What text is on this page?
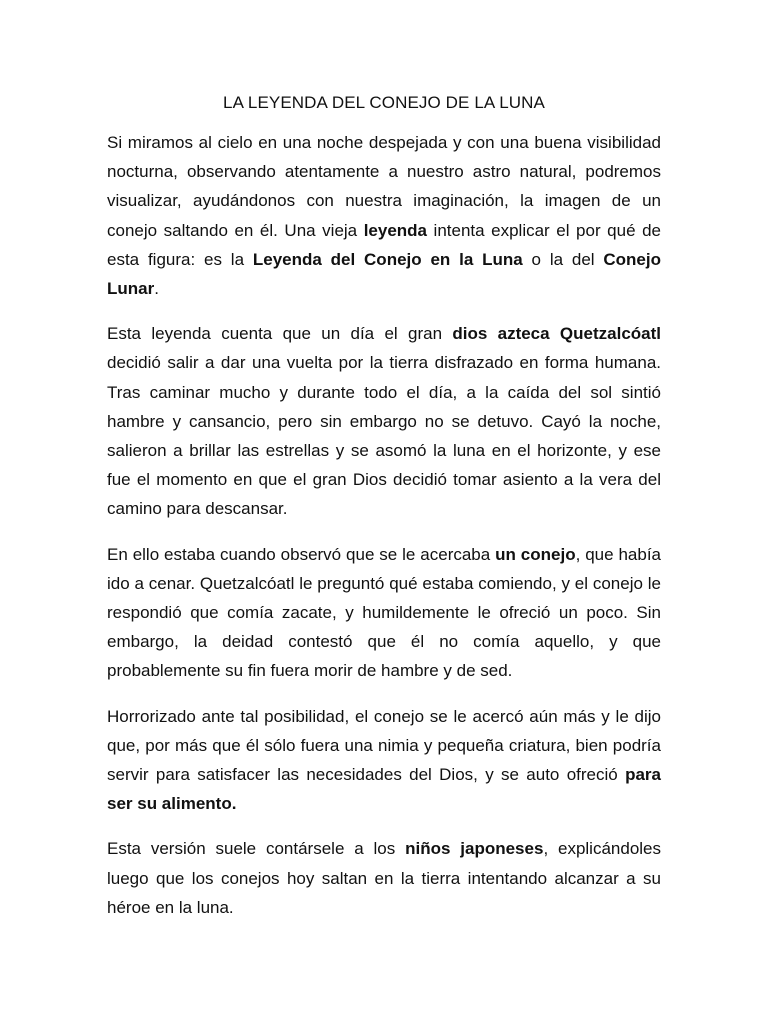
LA LEYENDA DEL CONEJO DE LA LUNA

Si miramos al cielo en una noche despejada y con una buena visibilidad nocturna, observando atentamente a nuestro astro natural, podremos visualizar, ayudándonos con nuestra imaginación, la imagen de un conejo saltando en él. Una vieja leyenda intenta explicar el por qué de esta figura: es la Leyenda del Conejo en la Luna o la del Conejo Lunar.

Esta leyenda cuenta que un día el gran dios azteca Quetzalcóatl decidió salir a dar una vuelta por la tierra disfrazado en forma humana. Tras caminar mucho y durante todo el día, a la caída del sol sintió hambre y cansancio, pero sin embargo no se detuvo. Cayó la noche, salieron a brillar las estrellas y se asomó la luna en el horizonte, y ese fue el momento en que el gran Dios decidió tomar asiento a la vera del camino para descansar.

En ello estaba cuando observó que se le acercaba un conejo, que había ido a cenar. Quetzalcóatl le preguntó qué estaba comiendo, y el conejo le respondió que comía zacate, y humildemente le ofreció un poco. Sin embargo, la deidad contestó que él no comía aquello, y que probablemente su fin fuera morir de hambre y de sed.

Horrorizado ante tal posibilidad, el conejo se le acercó aún más y le dijo que, por más que él sólo fuera una nimia y pequeña criatura, bien podría servir para satisfacer las necesidades del Dios, y se auto ofreció para ser su alimento.

Esta versión suele contársele a los niños japoneses, explicándoles luego que los conejos hoy saltan en la tierra intentando alcanzar a su héroe en la luna.
